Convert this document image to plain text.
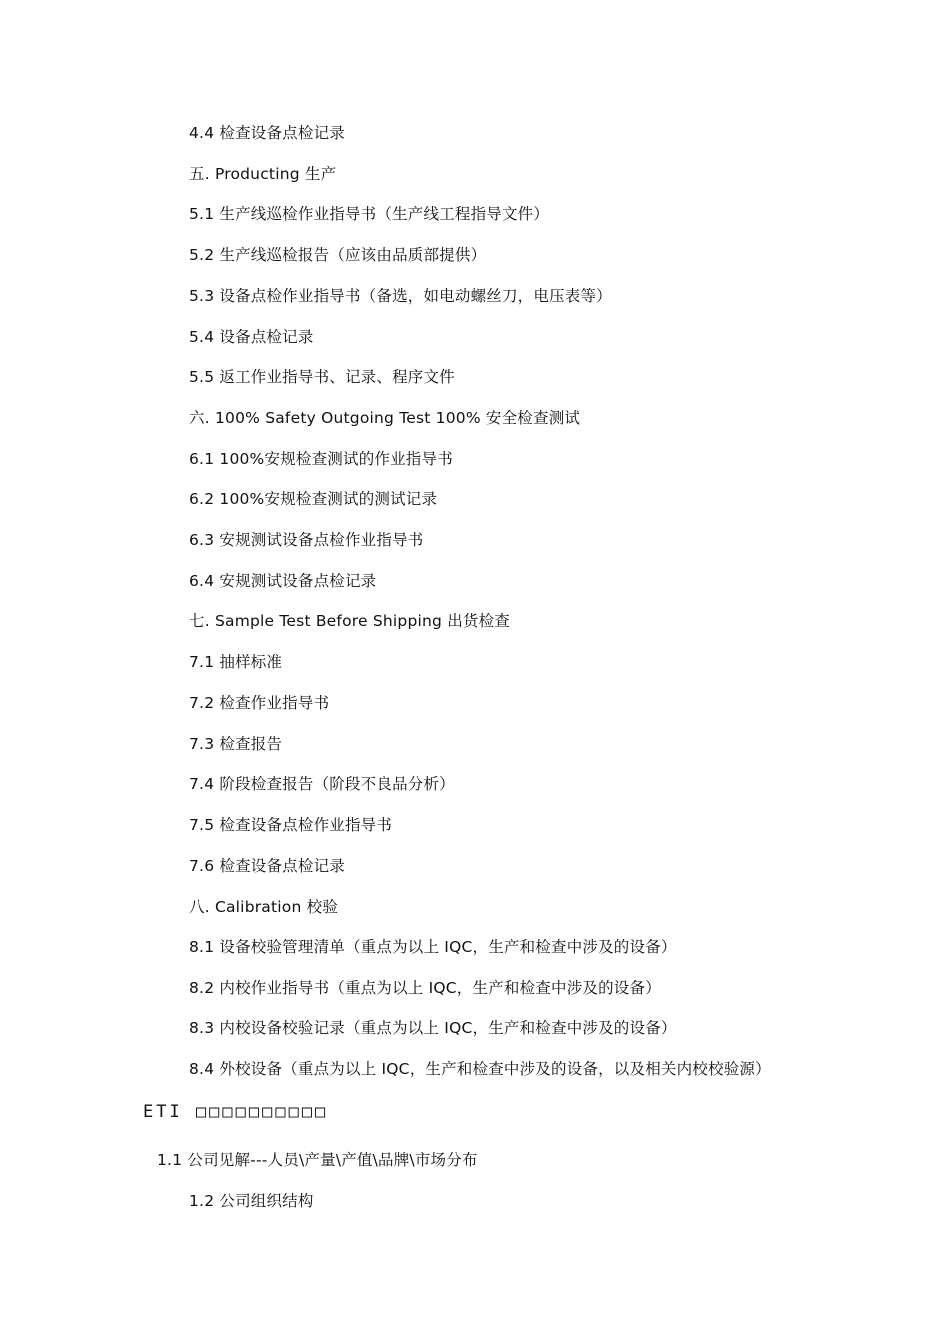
4.4 检查设备点检记录
五. Producting 生产
5.1 生产线巡检作业指导书（生产线工程指导文件）
5.2 生产线巡检报告（应该由品质部提供）
5.3 设备点检作业指导书（备选，如电动螺丝刀，电压表等）
5.4 设备点检记录
5.5 返工作业指导书、记录、程序文件
六. 100% Safety Outgoing Test 100% 安全检查测试
6.1 100%安规检查测试的作业指导书
6.2 100%安规检查测试的测试记录
6.3 安规测试设备点检作业指导书
6.4 安规测试设备点检记录
七. Sample Test Before Shipping 出货检查
7.1 抽样标准
7.2 检查作业指导书
7.3 检查报告
7.4 阶段检查报告（阶段不良品分析）
7.5 检查设备点检作业指导书
7.6 检查设备点检记录
八. Calibration 校验
8.1 设备校验管理清单（重点为以上 IQC，生产和检查中涉及的设备）
8.2 内校作业指导书（重点为以上 IQC，生产和检查中涉及的设备）
8.3 内校设备校验记录（重点为以上 IQC，生产和检查中涉及的设备）
8.4 外校设备（重点为以上 IQC，生产和检查中涉及的设备，以及相关内校校验源）
ETI □□□□□□□□□□
1.1 公司见解---人员\产量\产值\品牌\市场分布
1.2 公司组织结构
